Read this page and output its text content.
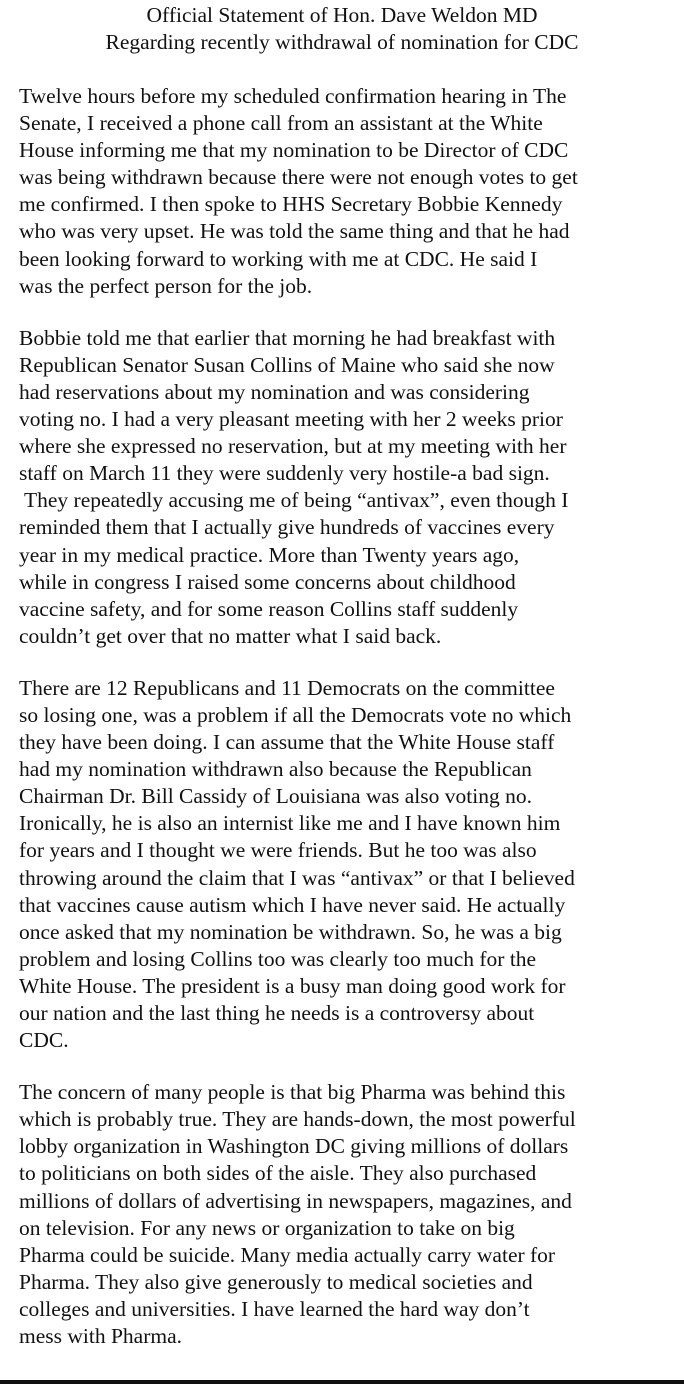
Official Statement of Hon. Dave Weldon MD
Regarding recently withdrawal of nomination for CDC
Twelve hours before my scheduled confirmation hearing in The
Senate, I received a phone call from an assistant at the White
House informing me that my nomination to be Director of CDC
was being withdrawn because there were not enough votes to get
me confirmed. I then spoke to HHS Secretary Bobbie Kennedy
who was very upset. He was told the same thing and that he had
been looking forward to working with me at CDC. He said I
was the perfect person for the job.
Bobbie told me that earlier that morning he had breakfast with
Republican Senator Susan Collins of Maine who said she now
had reservations about my nomination and was considering
voting no. I had a very pleasant meeting with her 2 weeks prior
where she expressed no reservation, but at my meeting with her
staff on March 11 they were suddenly very hostile-a bad sign.
They repeatedly accusing me of being “antivax”, even though I
reminded them that I actually give hundreds of vaccines every
year in my medical practice. More than Twenty years ago,
while in congress I raised some concerns about childhood
vaccine safety, and for some reason Collins staff suddenly
couldn’t get over that no matter what I said back.
There are 12 Republicans and 11 Democrats on the committee
so losing one, was a problem if all the Democrats vote no which
they have been doing. I can assume that the White House staff
had my nomination withdrawn also because the Republican
Chairman Dr. Bill Cassidy of Louisiana was also voting no.
Ironically, he is also an internist like me and I have known him
for years and I thought we were friends. But he too was also
throwing around the claim that I was “antivax” or that I believed
that vaccines cause autism which I have never said. He actually
once asked that my nomination be withdrawn. So, he was a big
problem and losing Collins too was clearly too much for the
White House. The president is a busy man doing good work for
our nation and the last thing he needs is a controversy about
CDC.
The concern of many people is that big Pharma was behind this
which is probably true. They are hands-down, the most powerful
lobby organization in Washington DC giving millions of dollars
to politicians on both sides of the aisle. They also purchased
millions of dollars of advertising in newspapers, magazines, and
on television. For any news or organization to take on big
Pharma could be suicide. Many media actually carry water for
Pharma. They also give generously to medical societies and
colleges and universities. I have learned the hard way don’t
mess with Pharma.
